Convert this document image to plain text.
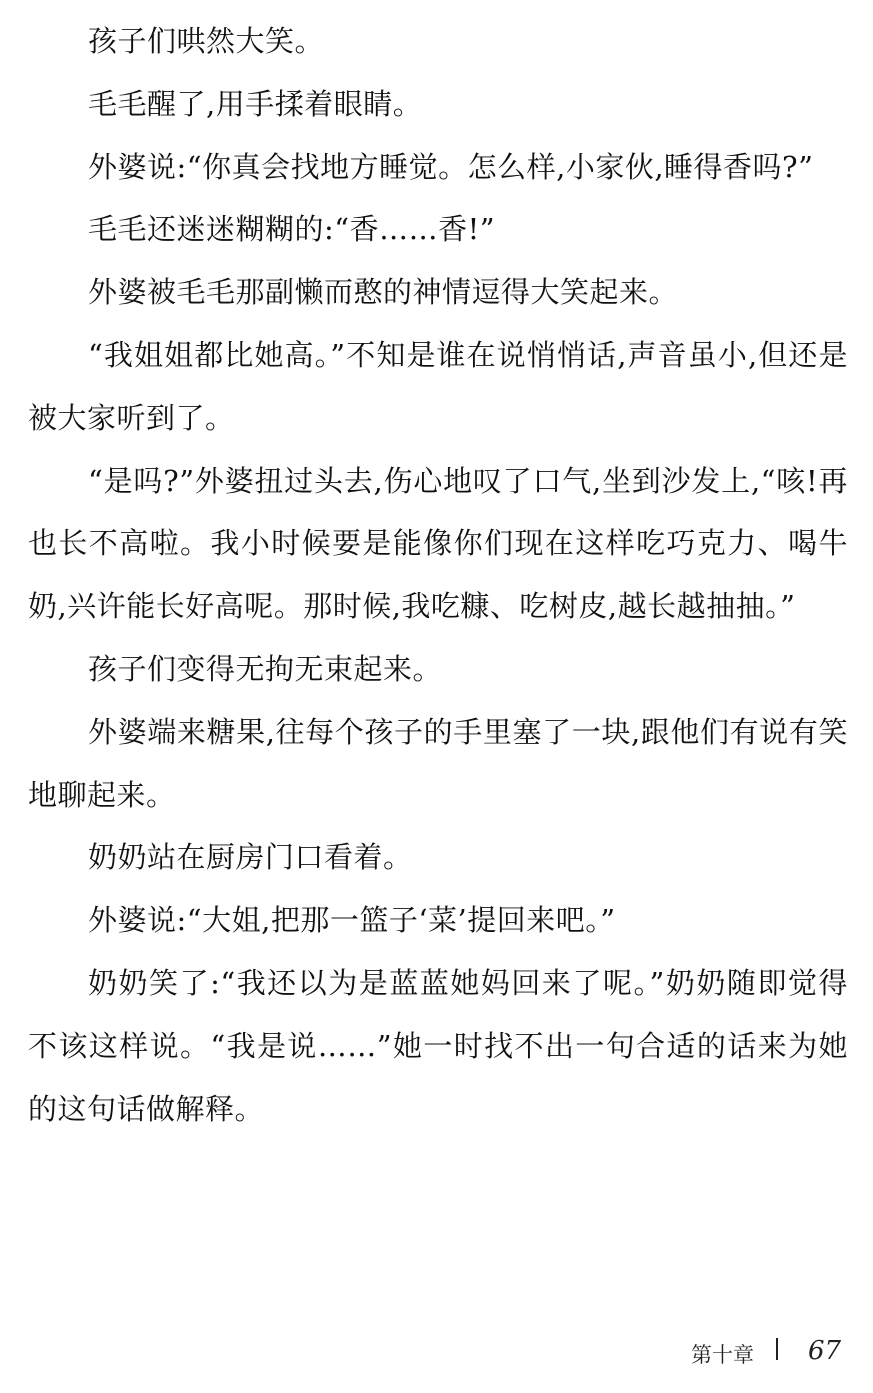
孩子们哄然大笑。

毛毛醒了,用手揉着眼睛。

外婆说:“你真会找地方睡觉。怎么样,小家伙,睡得香吗?”

毛毛还迷迷糊糊的:“香……香!”

外婆被毛毛那副懒而憨的神情逗得大笑起来。

“我姐姐都比她高。”不知是谁在说悄悄话,声音虽小,但还是被大家听到了。

“是吗?”外婆扭过头去,伤心地叹了口气,坐到沙发上,“咳!再也长不高啦。我小时候要是能像你们现在这样吃巧克力、喝牛奶,兴许能长好高呢。那时候,我吃糠、吃树皮,越长越抽抽。”

孩子们变得无拘无束起来。

外婆端来糖果,往每个孩子的手里塞了一块,跟他们有说有笑地聊起来。

奶奶站在厨房门口看着。

外婆说:“大姐,把那一篮子‘菜’提回来吧。”

奶奶笑了:“我还以为是蓝蓝她妈回来了呢。”奶奶随即觉得不该这样说。“我是说……”她一时找不出一句合适的话来为她的这句话做解释。

第十章 67
